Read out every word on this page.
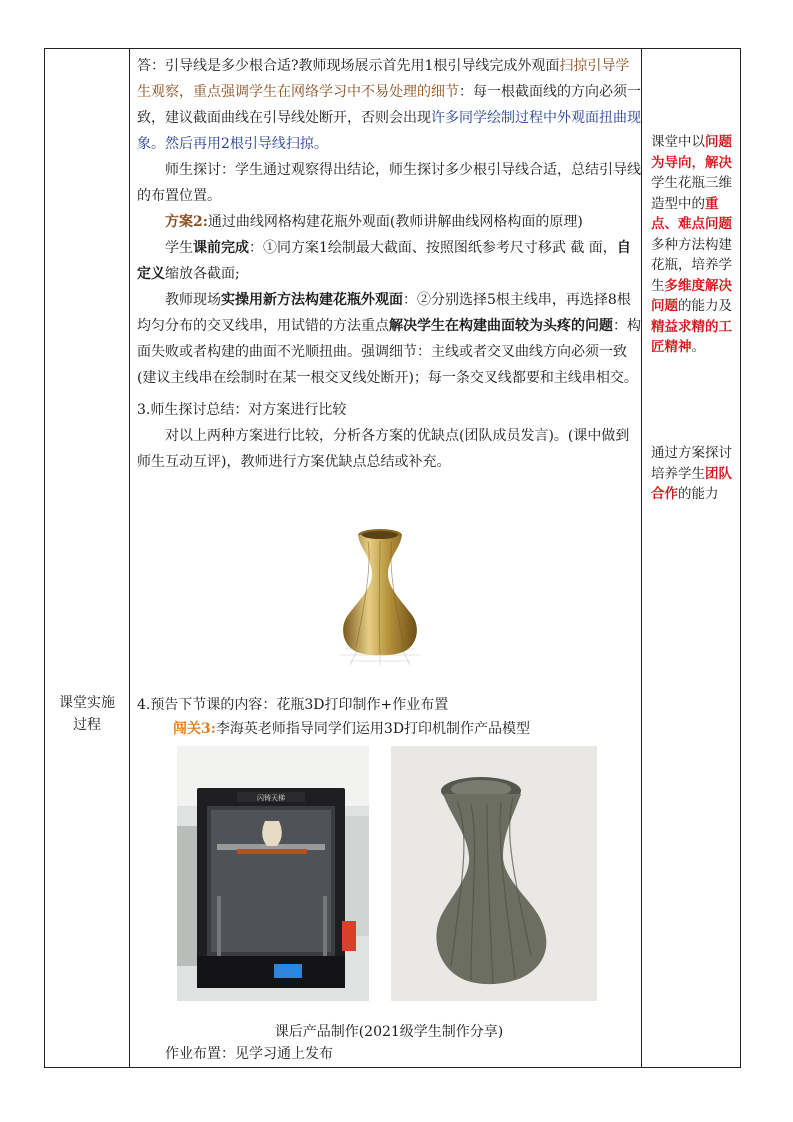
课堂实施
过程

答：引导线是多少根合适?教师现场展示首先用1根引导线完成外观面扫掠引导学生观察，重点强调学生在网络学习中不易处理的细节：每一根截面线的方向必须一致，建议截面曲线在引导线处断开，否则会出现许多同学绘制过程中外观面扭曲现象。然后再用2根引导线扫掠。

师生探讨：学生通过观察得出结论，师生探讨多少根引导线合适，总结引导线的布置位置。

方案2:通过曲线网格构建花瓶外观面(教师讲解曲线网格构面的原理)

学生课前完成：①同方案1绘制最大截面、按照图纸参考尺寸移武 截 面，自定义缩放各截面;

教师现场实操用新方法构建花瓶外观面：②分别选择5根主线串，再选择8根均匀分布的交叉线串，用试错的方法重点解决学生在构建曲面较为头疼的问题：构面失败或者构建的曲面不光顺扭曲。强调细节：主线或者交叉曲线方向必须一致(建议主线串在绘制时在某一根交叉线处断开)；每一条交叉线都要和主线串相交。

3.师生探讨总结：对方案进行比较

对以上两种方案进行比较，分析各方案的优缺点(团队成员发言)。(课中做到师生互动互评)，教师进行方案优缺点总结或补充。

4.预告下节课的内容：花瓶3D打印制作+作业布置

闯关3:李海英老师指导同学们运用3D打印机制作产品模型

闪铸天梯

课后产品制作(2021级学生制作分享)

作业布置：见学习通上发布

课堂中以问题为导向，解决学生花瓶三维造型中的重点、难点问题多种方法构建花瓶，培养学生多维度解决问题的能力及精益求精的工匠精神。
通过方案探讨培养学生团队合作的能力
